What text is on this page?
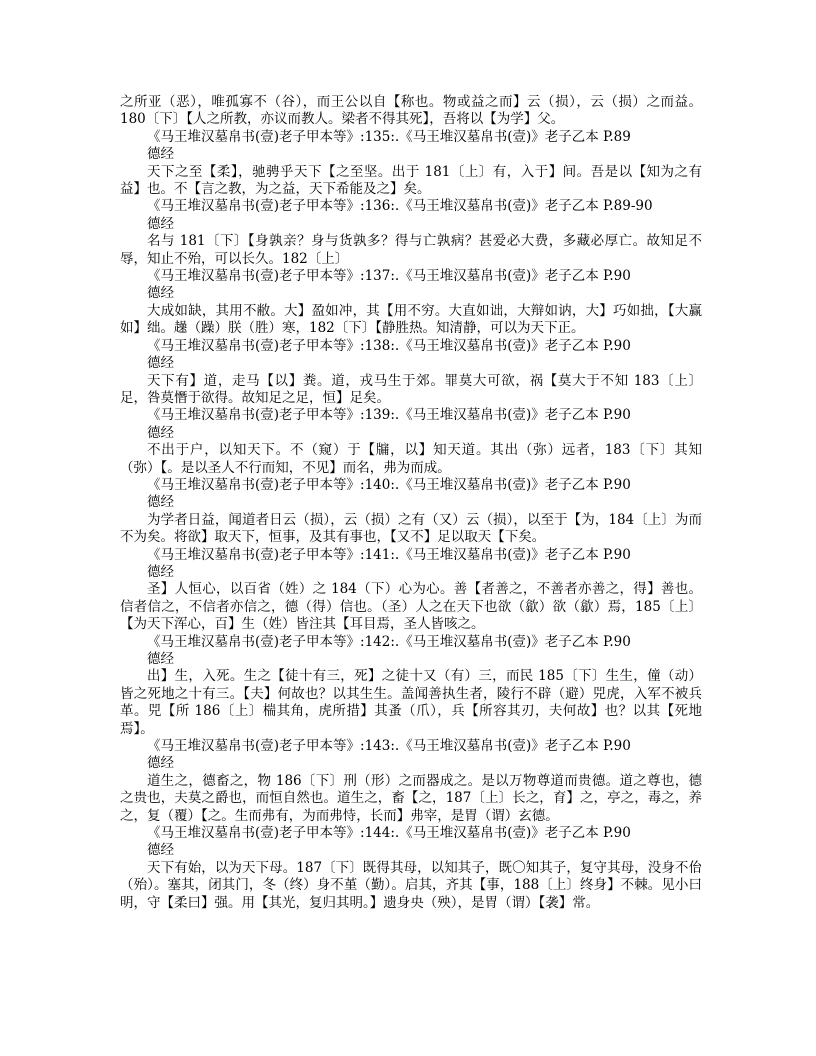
之所亚（恶），唯孤寡不（谷），而王公以自【称也。物或益之而】云（损），云（损）之而益。180〔下〕【人之所教，亦议而教人。梁者不得其死】，吾将以【为学】父。

《马王堆汉墓帛书(壹)老子甲本等》:135:.《马王堆汉墓帛书(壹)》老子乙本 P.89

德经

天下之至【柔】，驰骋乎天下【之至坚。出于 181〔上〕有，入于】间。吾是以【知为之有益】也。不【言之教，为之益，天下希能及之】矣。

《马王堆汉墓帛书(壹)老子甲本等》:136:.《马王堆汉墓帛书(壹)》老子乙本 P.89-90

德经

名与 181〔下〕【身孰亲？身与货孰多？得与亡孰病？甚爱必大费，多藏必厚亡。故知足不辱，知止不殆，可以长久。182〔上〕

《马王堆汉墓帛书(壹)老子甲本等》:137:.《马王堆汉墓帛书(壹)》老子乙本 P.90

德经

大成如缺，其用不敝。大】盈如冲，其【用不穷。大直如诎，大辩如讷，大】巧如拙，【大赢如】绌。趮（躁）朕（胜）寒，182〔下〕【静胜热。知清静，可以为天下正。

《马王堆汉墓帛书(壹)老子甲本等》:138:.《马王堆汉墓帛书(壹)》老子乙本 P.90

德经

天下有】道，走马【以】粪。道，戎马生于郊。罪莫大可欲，祸【莫大于不知 183〔上〕足，咎莫憯于欲得。故知足之足，恒】足矣。

《马王堆汉墓帛书(壹)老子甲本等》:139:.《马王堆汉墓帛书(壹)》老子乙本 P.90

德经

不出于户，以知天下。不（窥）于【牖，以】知天道。其出（弥）远者，183〔下〕其知（弥）【。是以圣人不行而知，不见】而名，弗为而成。

《马王堆汉墓帛书(壹)老子甲本等》:140:.《马王堆汉墓帛书(壹)》老子乙本 P.90

德经

为学者日益，闻道者日云（损），云（损）之有（又）云（损），以至于【为，184〔上〕为而不为矣。将欲】取天下，恒事，及其有事也，【又不】足以取天【下矣。

《马王堆汉墓帛书(壹)老子甲本等》:141:.《马王堆汉墓帛书(壹)》老子乙本 P.90

德经

圣】人恒心，以百省（姓）之 184（下）心为心。善【者善之，不善者亦善之，得】善也。信者信之，不信者亦信之，德（得）信也。（圣）人之在天下也欲（歙）欲（歙）焉，185〔上〕【为天下浑心，百】生（姓）皆注其【耳目焉，圣人皆咳之。

《马王堆汉墓帛书(壹)老子甲本等》:142:.《马王堆汉墓帛书(壹)》老子乙本 P.90

德经

出】生，入死。生之【徒十有三，死】之徒十又（有）三，而民 185〔下〕生生，僮（动）皆之死地之十有三。【夫】何故也？以其生生。盖闻善执生者，陵行不辟（避）兕虎，入军不被兵革。兕【所 186〔上〕椯其角，虎所措】其蚤（爪），兵【所容其刃，夫何故】也？以其【死地焉】。

《马王堆汉墓帛书(壹)老子甲本等》:143:.《马王堆汉墓帛书(壹)》老子乙本 P.90

德经

道生之，德畜之，物 186〔下〕刑（形）之而器成之。是以万物尊道而贵德。道之尊也，德之贵也，夫莫之爵也，而恒自然也。道生之，畜【之，187〔上〕长之，育】之，亭之，毒之，养之，复（覆）【之。生而弗有，为而弗恃，长而】弗宰，是胃（谓）玄德。

《马王堆汉墓帛书(壹)老子甲本等》:144:.《马王堆汉墓帛书(壹)》老子乙本 P.90

德经

天下有始，以为天下母。187〔下〕既得其母，以知其子，既〇知其子，复守其母，没身不佁（殆）。塞其，闭其门，冬（终）身不堇（勤）。启其，齐其【事，188〔上〕终身】不棘。见小曰明，守【柔曰】强。用【其光，复归其明。】遗身央（殃），是胃（谓）【袭】常。
